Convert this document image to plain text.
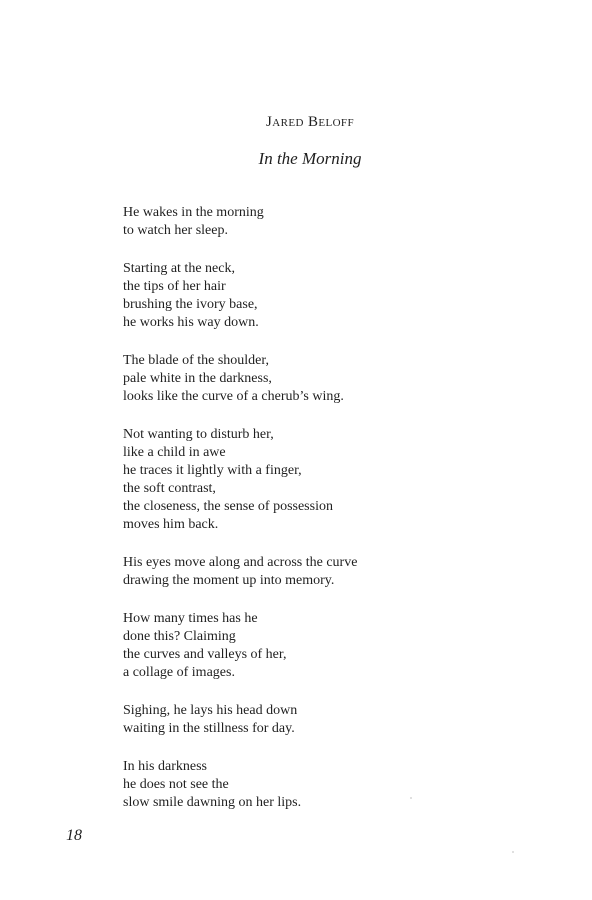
Jared Beloff
In the Morning
He wakes in the morning
to watch her sleep.
Starting at the neck,
the tips of her hair
brushing the ivory base,
he works his way down.
The blade of the shoulder,
pale white in the darkness,
looks like the curve of a cherub’s wing.
Not wanting to disturb her,
like a child in awe
he traces it lightly with a finger,
the soft contrast,
the closeness, the sense of possession
moves him back.
His eyes move along and across the curve
drawing the moment up into memory.
How many times has he
done this? Claiming
the curves and valleys of her,
a collage of images.
Sighing, he lays his head down
waiting in the stillness for day.
In his darkness
he does not see the
slow smile dawning on her lips.
18
